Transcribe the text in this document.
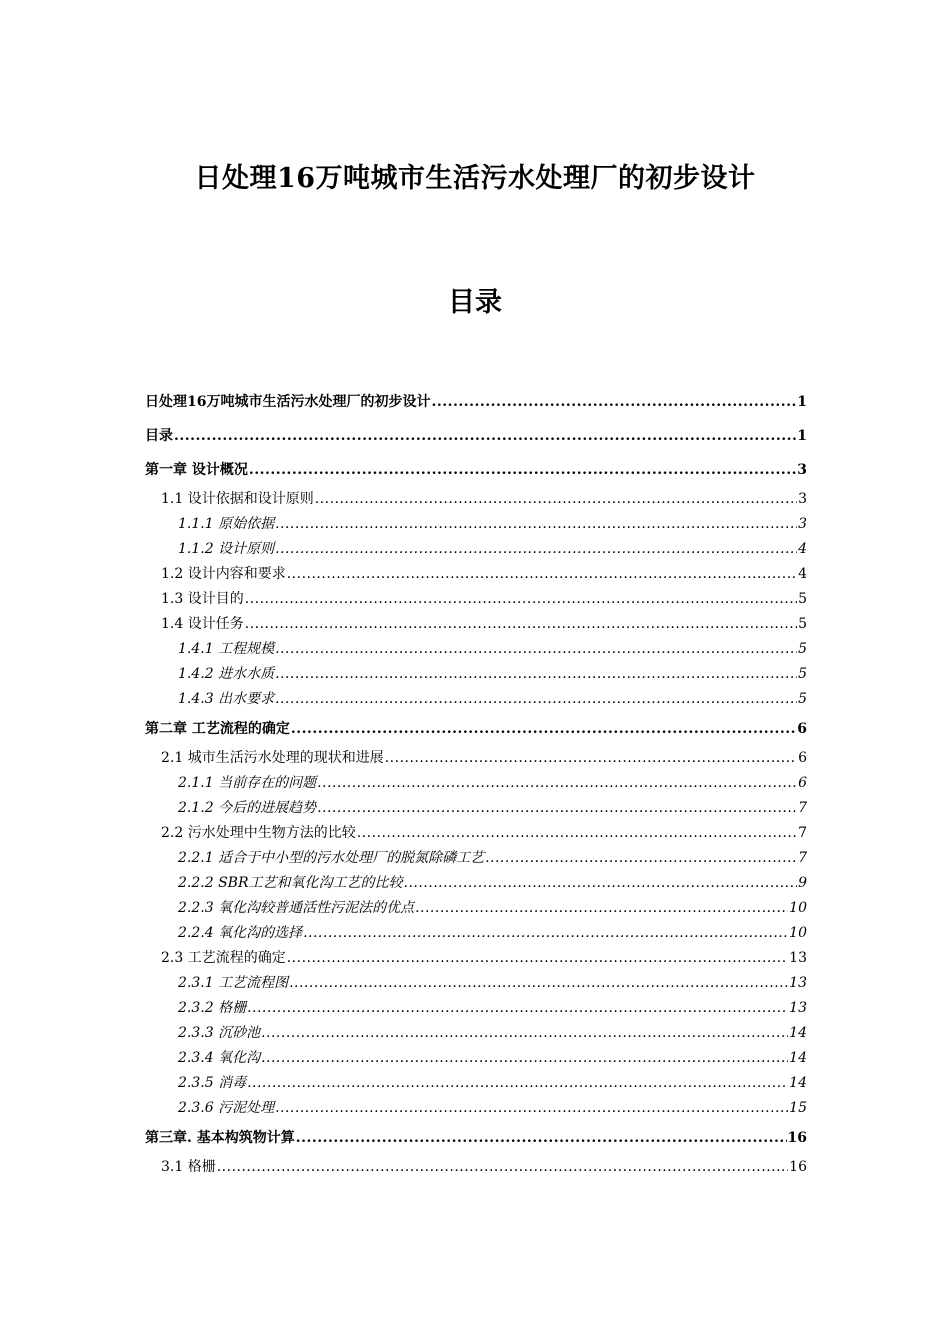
日处理16万吨城市生活污水处理厂的初步设计
目录
日处理16万吨城市生活污水处理厂的初步设计 .....	1
目录 .....	1
第一章 设计概况 .....	3
1.1 设计依据和设计原则 .....	3
1.1.1 原始依据 .....	3
1.1.2 设计原则 .....	4
1.2 设计内容和要求 .....	4
1.3 设计目的 .....	5
1.4 设计任务 .....	5
1.4.1 工程规模 .....	5
1.4.2 进水水质 .....	5
1.4.3 出水要求 .....	5
第二章 工艺流程的确定 .....	6
2.1 城市生活污水处理的现状和进展 .....	6
2.1.1 当前存在的问题 .....	6
2.1.2 今后的进展趋势 .....	7
2.2 污水处理中生物方法的比较 .....	7
2.2.1 适合于中小型的污水处理厂的脱氮除磷工艺 .....	7
2.2.2 SBR工艺和氧化沟工艺的比较 .....	9
2.2.3 氧化沟较普通活性污泥法的优点 .....	10
2.2.4 氧化沟的选择 .....	10
2.3 工艺流程的确定 .....	13
2.3.1 工艺流程图 .....	13
2.3.2 格栅 .....	13
2.3.3 沉砂池 .....	14
2.3.4 氧化沟 .....	14
2.3.5 消毒 .....	14
2.3.6 污泥处理 .....	15
第三章. 基本构筑物计算 .....	16
3.1 格栅 .....	16
